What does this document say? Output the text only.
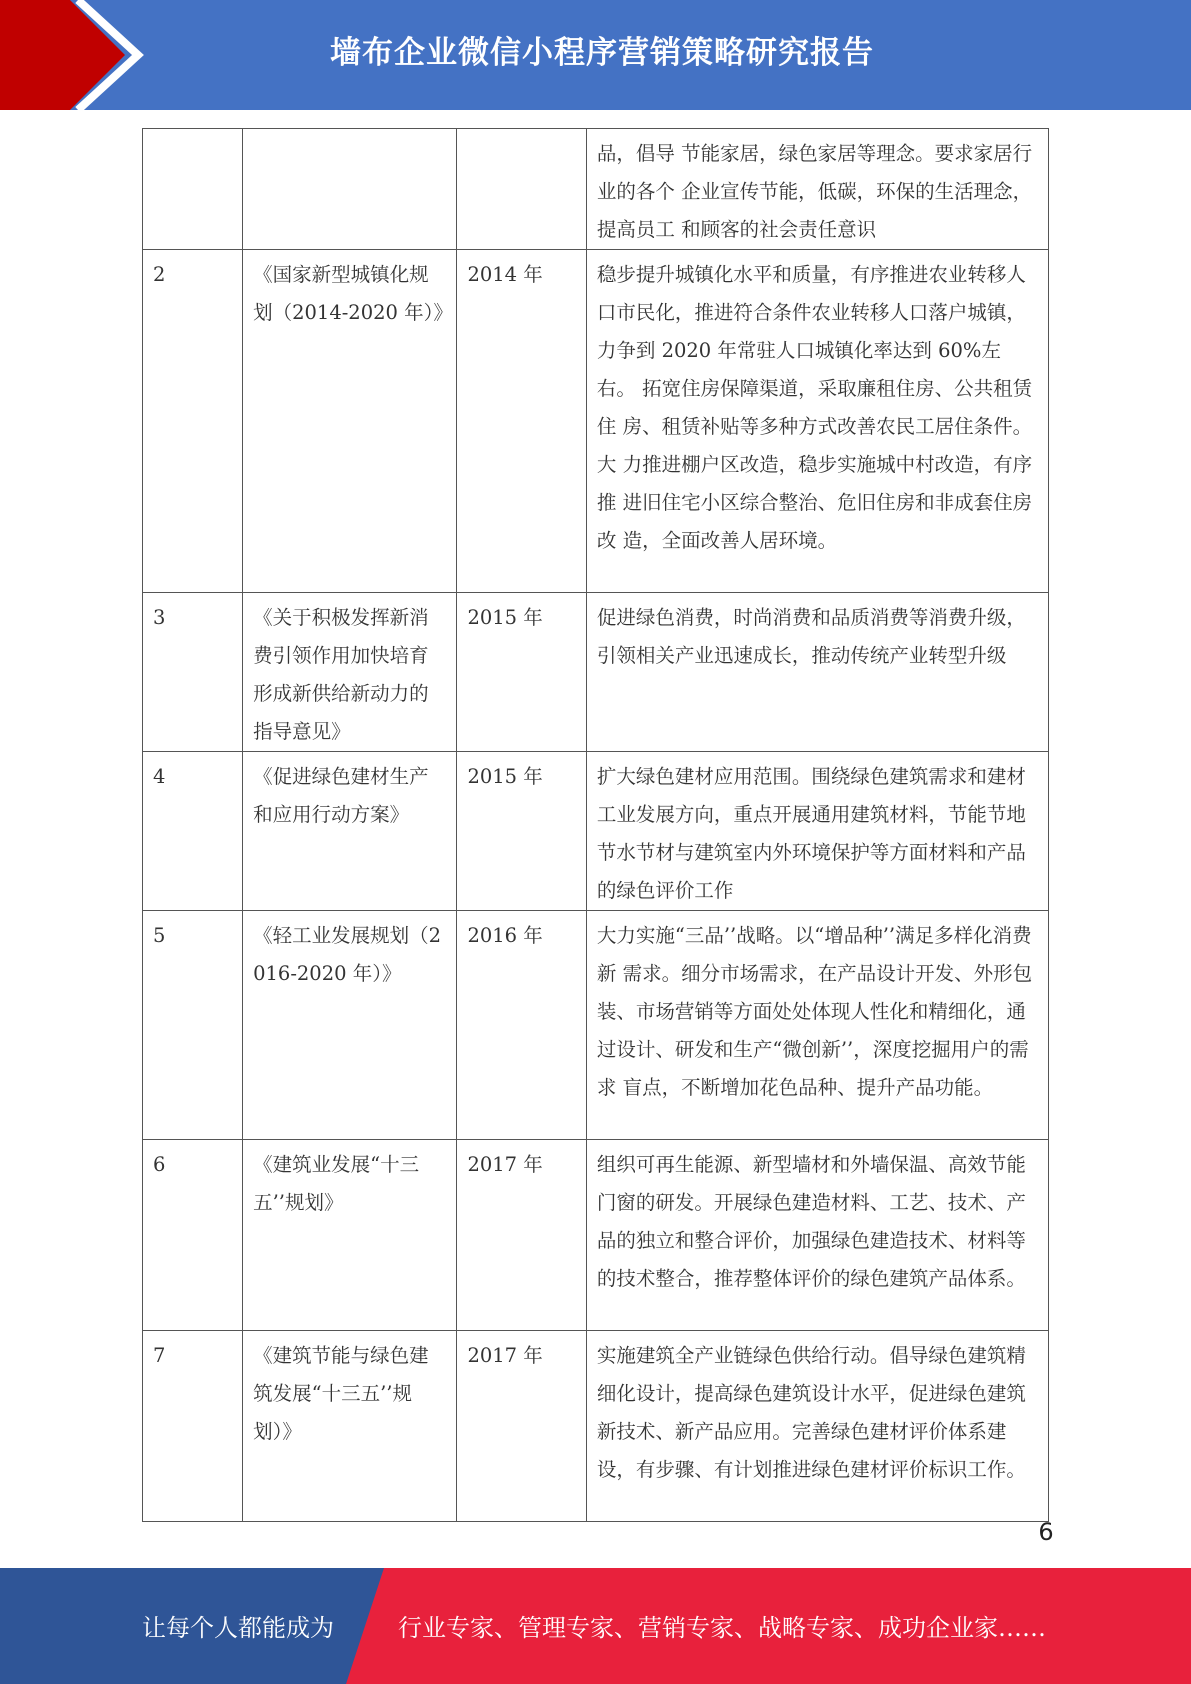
墙布企业微信小程序营销策略研究报告
			品，倡导 节能家居，绿色家居等理念。要求家居行业的各个 企业宣传节能，低碳，环保的生活理念，提高员工 和顾客的社会责任意识
2	《国家新型城镇化规划（2014-2020 年）》	2014 年	稳步提升城镇化水平和质量，有序推进农业转移人 口市民化，推进符合条件农业转移人口落户城镇， 力争到 2020 年常驻人口城镇化率达到 60%左右。 拓宽住房保障渠道，采取廉租住房、公共租赁住 房、租赁补贴等多种方式改善农民工居住条件。大 力推进棚户区改造，稳步实施城中村改造，有序推 进旧住宅小区综合整治、危旧住房和非成套住房改 造，全面改善人居环境。
3	《关于积极发挥新消费引领作用加快培育形成新供给新动力的指导意见》	2015 年	促进绿色消费，时尚消费和品质消费等消费升级， 引领相关产业迅速成长，推动传统产业转型升级
4	《促进绿色建材生产和应用行动方案》	2015 年	扩大绿色建材应用范围。围绕绿色建筑需求和建材 工业发展方向，重点开展通用建筑材料，节能节地 节水节材与建筑室内外环境保护等方面材料和产品 的绿色评价工作
5	《轻工业发展规划（2016-2020 年）》	2016 年	大力实施“三品’’战略。以“增品种’’满足多样化消费新 需求。细分市场需求，在产品设计开发、外形包 装、市场营销等方面处处体现人性化和精细化，通 过设计、研发和生产“微创新’’，深度挖掘用户的需求 盲点，不断增加花色品种、提升产品功能。
6	《建筑业发展“十三五’’规划》	2017 年	组织可再生能源、新型墙材和外墙保温、高效节能 门窗的研发。开展绿色建造材料、工艺、技术、产 品的独立和整合评价，加强绿色建造技术、材料等 的技术整合，推荐整体评价的绿色建筑产品体系。
7	《建筑节能与绿色建筑发展“十三五’’规 划）》	2017 年	实施建筑全产业链绿色供给行动。倡导绿色建筑精 细化设计，提高绿色建筑设计水平，促进绿色建筑 新技术、新产品应用。完善绿色建材评价体系建 设，有步骤、有计划推进绿色建材评价标识工作。
6
让每个人都能成为	行业专家、管理专家、营销专家、战略专家、成功企业家……
